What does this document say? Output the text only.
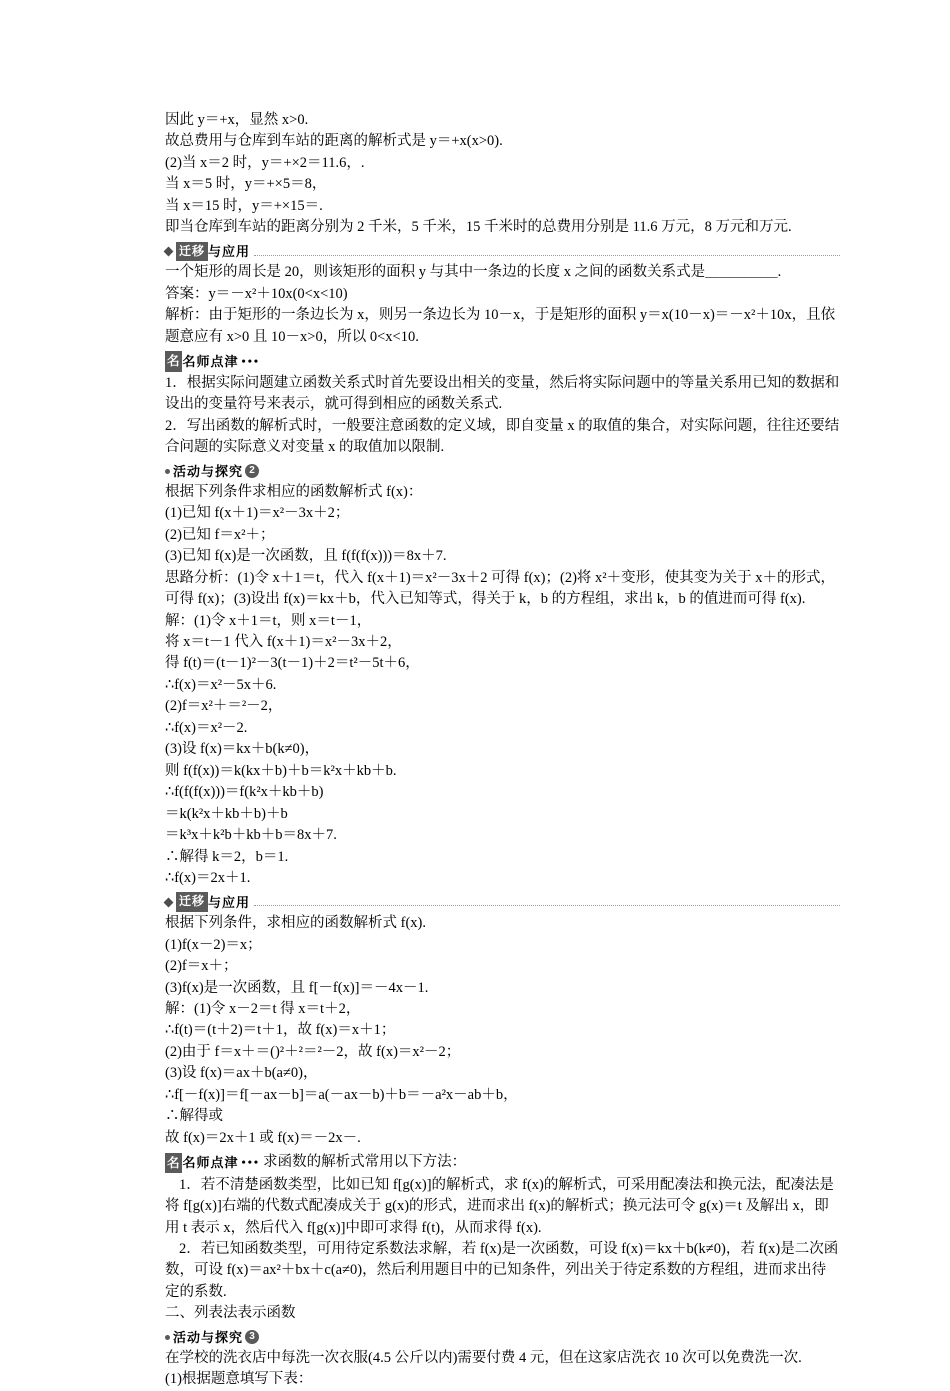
因此 y＝+x，显然 x>0.

故总费用与仓库到车站的距离的解析式是 y＝+x(x>0).

(2)当 x＝2 时，y＝+×2＝11.6，.

当 x＝5 时，y＝+×5＝8，

当 x＝15 时，y＝+×15＝.

即当仓库到车站的距离分别为 2 千米，5 千米，15 千米时的总费用分别是 11.6 万元，8 万元和万元.

迁移 与 应用

一个矩形的周长是 20，则该矩形的面积 y 与其中一条边的长度 x 之间的函数关系式是＿＿＿＿＿.

答案：y＝－x²＋10x(0<x<10)

解析：由于矩形的一条边长为 x，则另一条边长为 10－x，于是矩形的面积 y＝x(10－x)＝－x²＋10x，且依题意应有 x>0 且 10－x>0，所以 0<x<10.

名 名师点津 •••

1．根据实际问题建立函数关系式时首先要设出相关的变量，然后将实际问题中的等量关系用已知的数据和设出的变量符号来表示，就可得到相应的函数关系式.

2．写出函数的解析式时，一般要注意函数的定义域，即自变量 x 的取值的集合，对实际问题，往往还要结合问题的实际意义对变量 x 的取值加以限制.

活动与探究 2

根据下列条件求相应的函数解析式 f(x)：

(1)已知 f(x＋1)＝x²－3x＋2；

(2)已知 f＝x²＋；

(3)已知 f(x)是一次函数，且 f(f(f(x)))＝8x＋7.

思路分析：(1)令 x＋1＝t，代入 f(x＋1)＝x²－3x＋2 可得 f(x)；(2)将 x²＋变形，使其变为关于 x＋的形式，可得 f(x)；(3)设出 f(x)＝kx＋b，代入已知等式，得关于 k，b 的方程组，求出 k，b 的值进而可得 f(x).

解：(1)令 x＋1＝t，则 x＝t－1，

将 x＝t－1 代入 f(x＋1)＝x²－3x＋2，

得 f(t)＝(t－1)²－3(t－1)＋2＝t²－5t＋6，

∴f(x)＝x²－5x＋6.

(2)f＝x²＋＝²－2，

∴f(x)＝x²－2.

(3)设 f(x)＝kx＋b(k≠0)，

则 f(f(x))＝k(kx＋b)＋b＝k²x＋kb＋b.

∴f(f(f(x)))＝f(k²x＋kb＋b)

＝k(k²x＋kb＋b)＋b

＝k³x＋k²b＋kb＋b＝8x＋7.

∴解得 k＝2，b＝1.

∴f(x)＝2x＋1.

迁移 与 应用

根据下列条件，求相应的函数解析式 f(x).

(1)f(x－2)＝x；

(2)f＝x＋；

(3)f(x)是一次函数，且 f[－f(x)]＝－4x－1.

解：(1)令 x－2＝t 得 x＝t＋2，

∴f(t)＝(t＋2)＝t＋1，故 f(x)＝x＋1；

(2)由于 f＝x＋＝()²＋²＝²－2，故 f(x)＝x²－2；

(3)设 f(x)＝ax＋b(a≠0)，

∴f[－f(x)]＝f[－ax－b]＝a(－ax－b)＋b＝－a²x－ab＋b，

∴解得或

故 f(x)＝2x＋1 或 f(x)＝－2x－.

名 名师点津 ••• 求函数的解析式常用以下方法：

1．若不清楚函数类型，比如已知 f[g(x)]的解析式，求 f(x)的解析式，可采用配凑法和换元法，配凑法是将 f[g(x)]右端的代数式配凑成关于 g(x)的形式，进而求出 f(x)的解析式；换元法可令 g(x)＝t 及解出 x，即用 t 表示 x，然后代入 f[g(x)]中即可求得 f(t)，从而求得 f(x).

2．若已知函数类型，可用待定系数法求解，若 f(x)是一次函数，可设 f(x)＝kx＋b(k≠0)，若 f(x)是二次函数，可设 f(x)＝ax²＋bx＋c(a≠0)，然后利用题目中的已知条件，列出关于待定系数的方程组，进而求出待定的系数.

二、列表法表示函数

活动与探究 3

在学校的洗衣店中每洗一次衣服(4.5 公斤以内)需要付费 4 元，但在这家店洗衣 10 次可以免费洗一次.

(1)根据题意填写下表：
